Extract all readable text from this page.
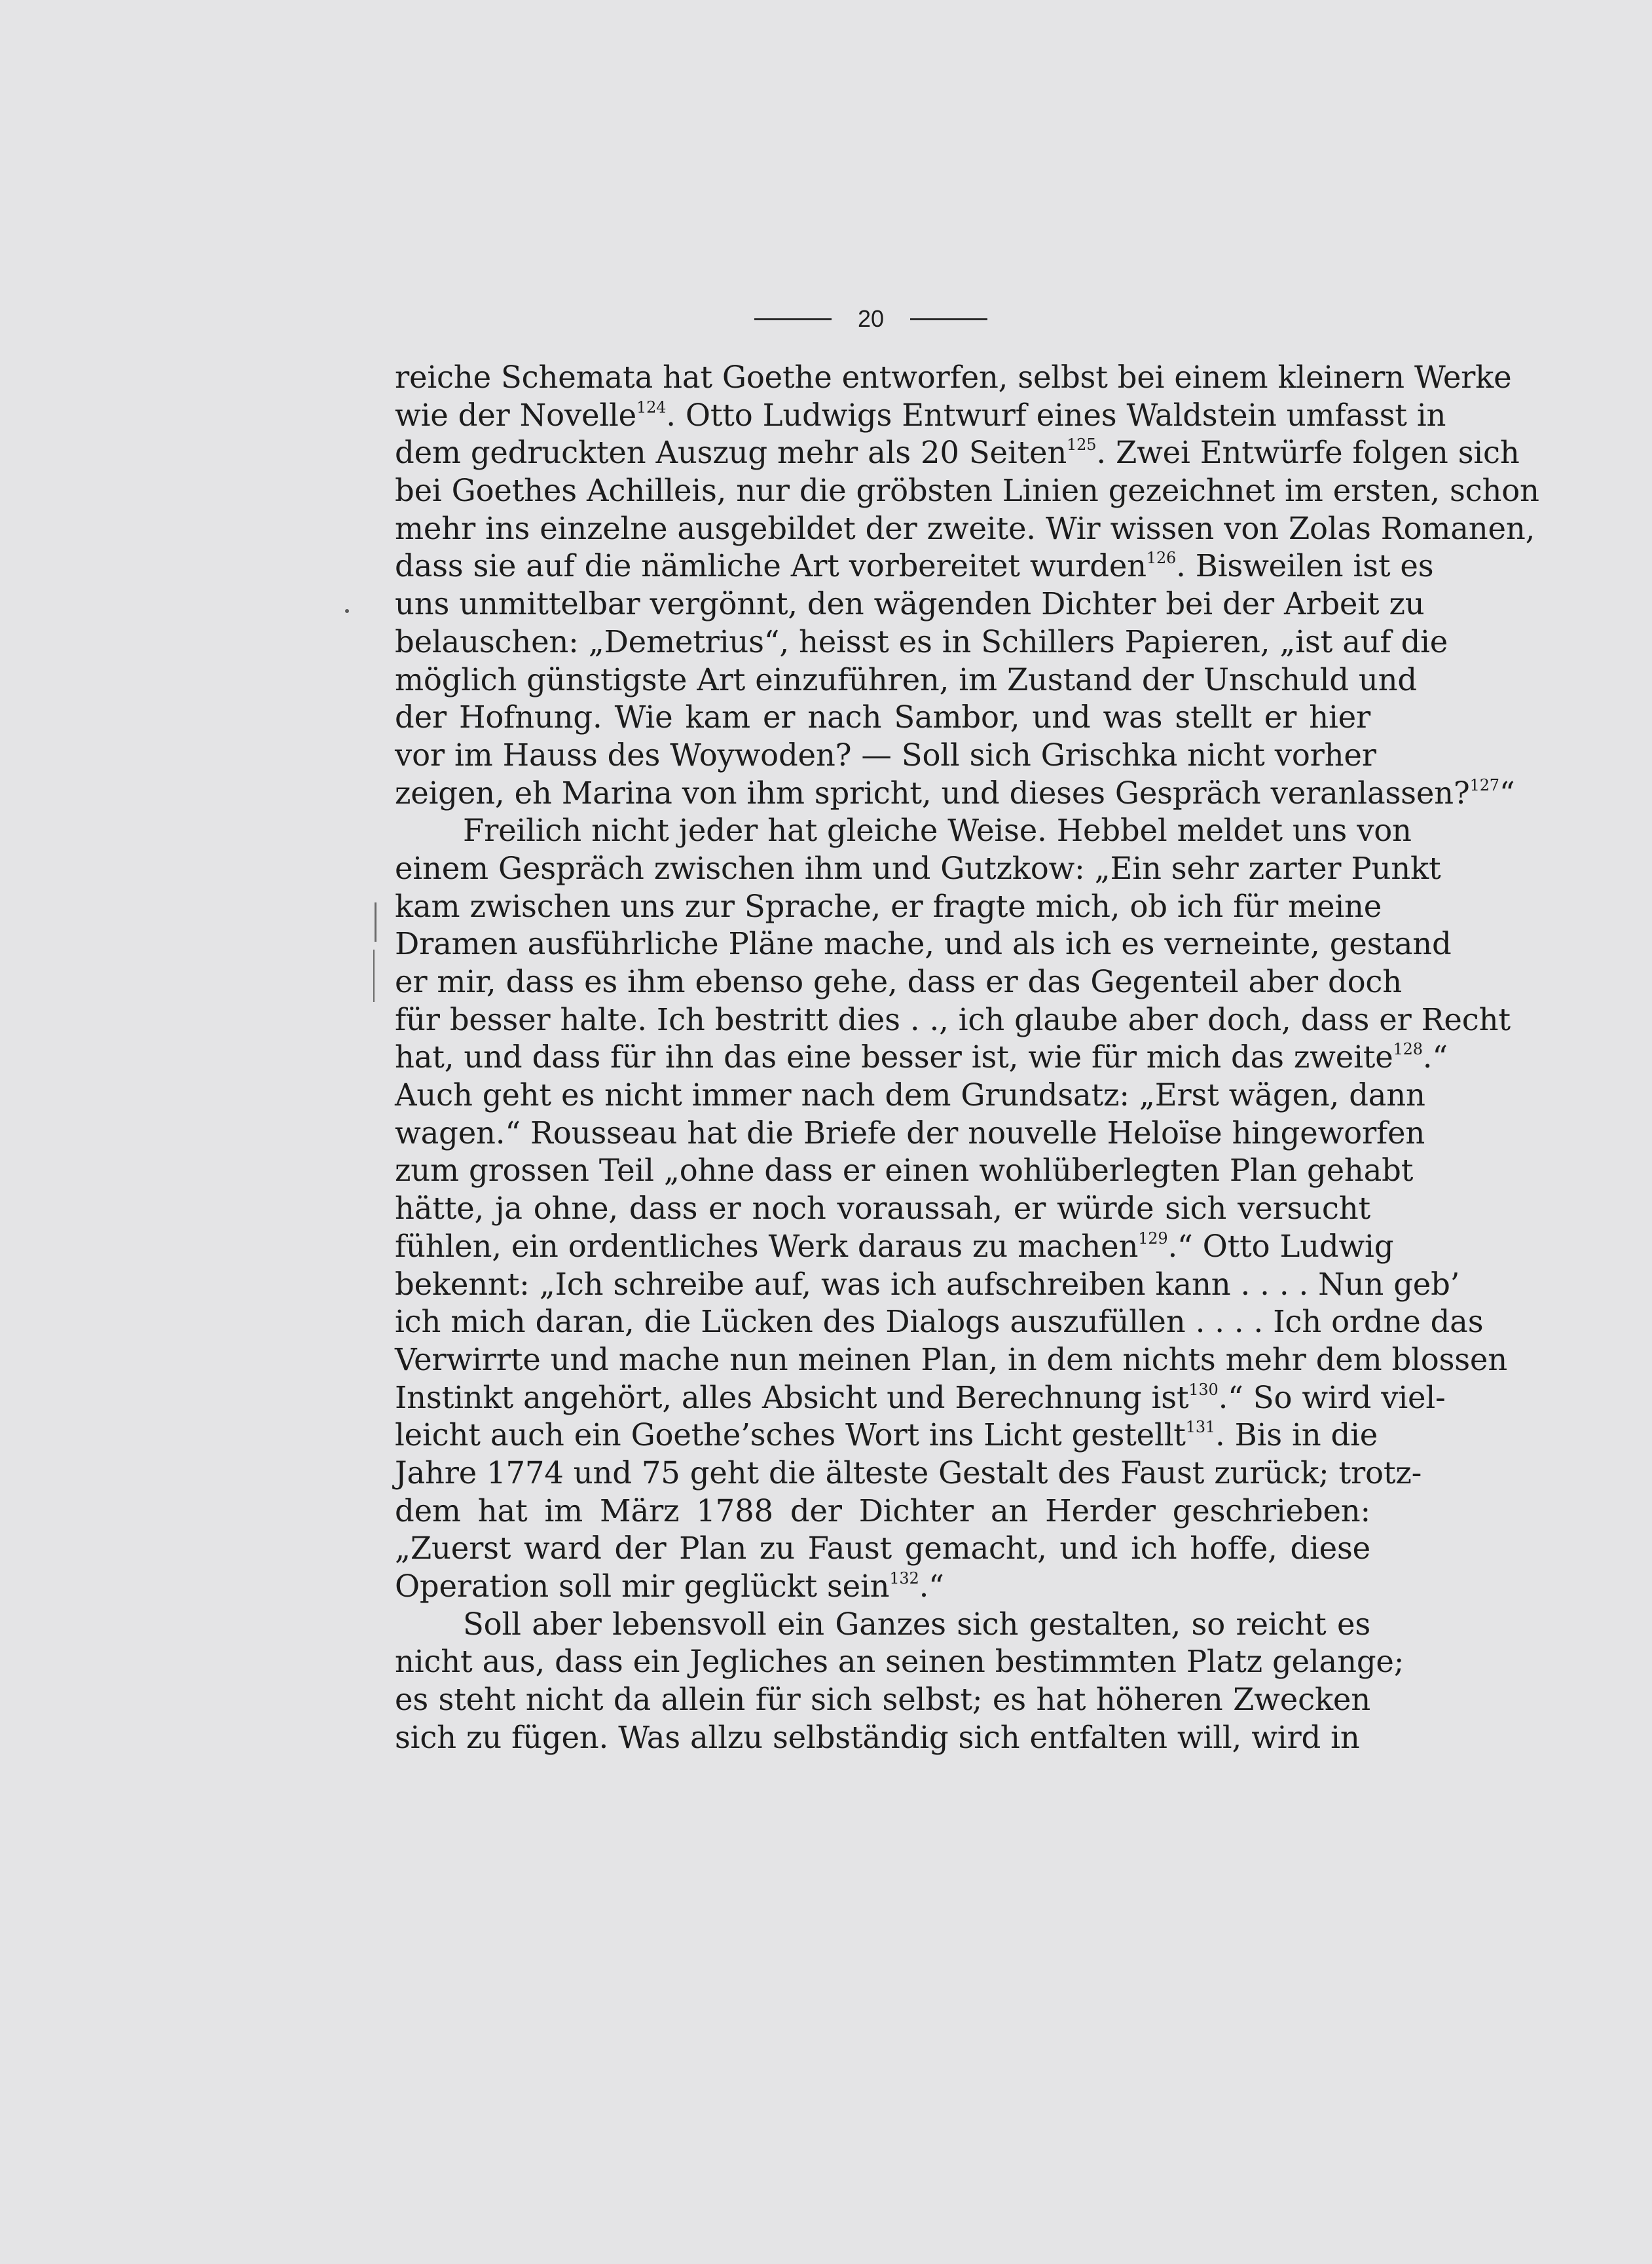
20
reiche Schemata hat Goethe entworfen, selbst bei einem kleinern Werke
wie der Novelle$^{124}$. Otto Ludwigs Entwurf eines Waldstein umfasst in
dem gedruckten Auszug mehr als 20 Seiten$^{125}$. Zwei Entwürfe folgen sich
bei Goethes Achilleis, nur die gröbsten Linien gezeichnet im ersten, schon
mehr ins einzelne ausgebildet der zweite. Wir wissen von Zolas Romanen,
dass sie auf die nämliche Art vorbereitet wurden$^{126}$. Bisweilen ist es
uns unmittelbar vergönnt, den wägenden Dichter bei der Arbeit zu
belauschen: „Demetrius“, heisst es in Schillers Papieren, „ist auf die
möglich günstigste Art einzuführen, im Zustand der Unschuld und
der Hofnung. Wie kam er nach Sambor, und was stellt er hier
vor im Hauss des Woywoden? — Soll sich Grischka nicht vorher
zeigen, eh Marina von ihm spricht, und dieses Gespräch veranlassen?$^{127}$“
Freilich nicht jeder hat gleiche Weise. Hebbel meldet uns von
einem Gespräch zwischen ihm und Gutzkow: „Ein sehr zarter Punkt
kam zwischen uns zur Sprache, er fragte mich, ob ich für meine
Dramen ausführliche Pläne mache, und als ich es verneinte, gestand
er mir, dass es ihm ebenso gehe, dass er das Gegenteil aber doch
für besser halte. Ich bestritt dies . ., ich glaube aber doch, dass er Recht
hat, und dass für ihn das eine besser ist, wie für mich das zweite$^{128}$.“
Auch geht es nicht immer nach dem Grundsatz: „Erst wägen, dann
wagen.“ Rousseau hat die Briefe der nouvelle Heloïse hingeworfen
zum grossen Teil „ohne dass er einen wohlüberlegten Plan gehabt
hätte, ja ohne, dass er noch voraussah, er würde sich versucht
fühlen, ein ordentliches Werk daraus zu machen$^{129}$.“ Otto Ludwig
bekennt: „Ich schreibe auf, was ich aufschreiben kann . . . . Nun geb’
ich mich daran, die Lücken des Dialogs auszufüllen . . . . Ich ordne das
Verwirrte und mache nun meinen Plan, in dem nichts mehr dem blossen
Instinkt angehört, alles Absicht und Berechnung ist$^{130}$.“ So wird viel-
leicht auch ein Goethe’sches Wort ins Licht gestellt$^{131}$. Bis in die
Jahre 1774 und 75 geht die älteste Gestalt des Faust zurück; trotz-
dem hat im März 1788 der Dichter an Herder geschrieben:
„Zuerst ward der Plan zu Faust gemacht, und ich hoffe, diese
Operation soll mir geglückt sein$^{132}$.“
Soll aber lebensvoll ein Ganzes sich gestalten, so reicht es
nicht aus, dass ein Jegliches an seinen bestimmten Platz gelange;
es steht nicht da allein für sich selbst; es hat höheren Zwecken
sich zu fügen. Was allzu selbständig sich entfalten will, wird in
